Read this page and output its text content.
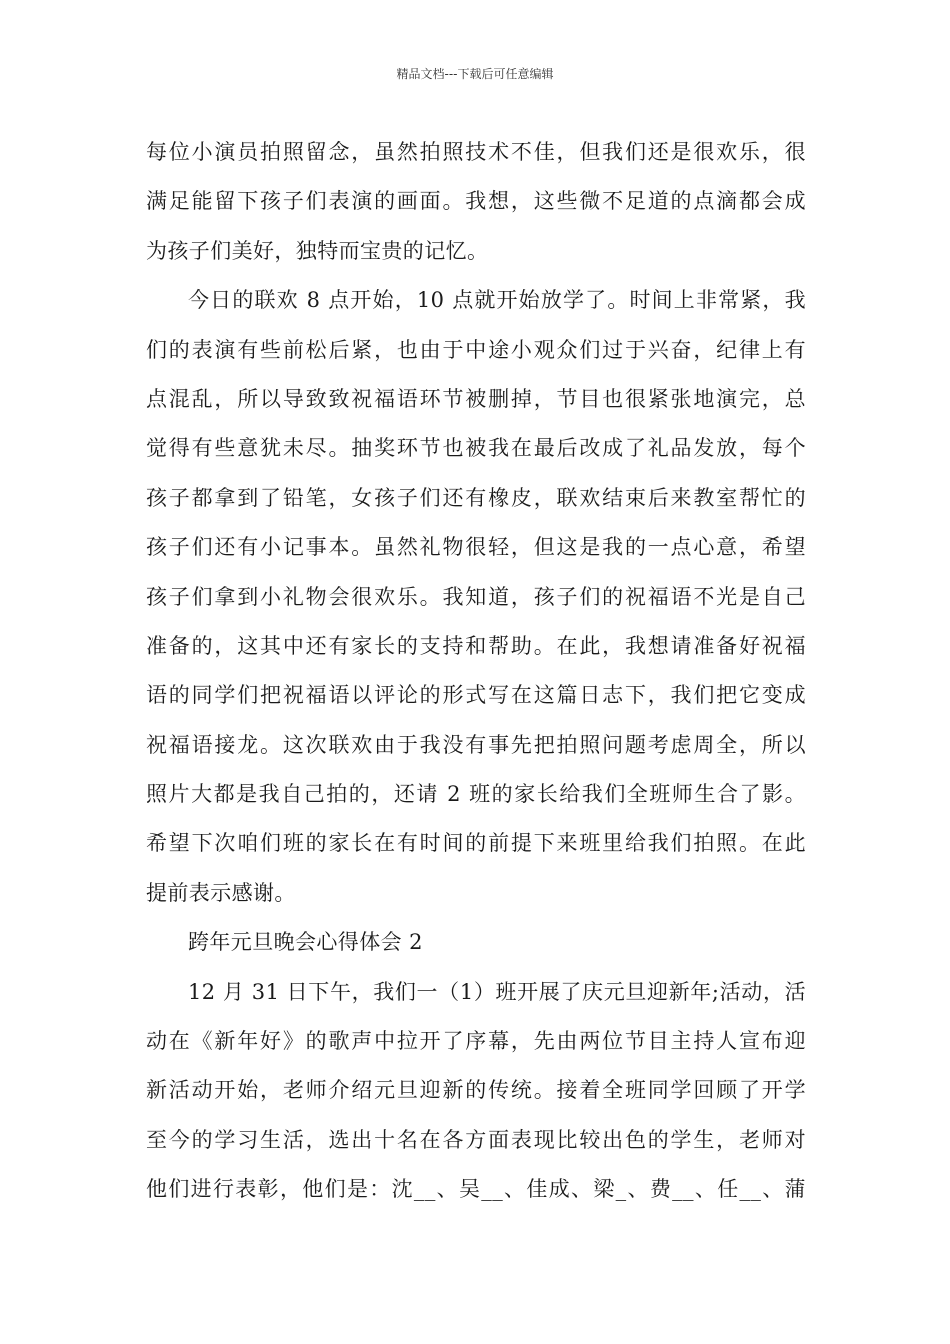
精品文档---下载后可任意编辑
每位小演员拍照留念，虽然拍照技术不佳，但我们还是很欢乐，很
满足能留下孩子们表演的画面。我想，这些微不足道的点滴都会成
为孩子们美好，独特而宝贵的记忆。
今日的联欢 8 点开始，10 点就开始放学了。时间上非常紧，我
们的表演有些前松后紧，也由于中途小观众们过于兴奋，纪律上有
点混乱，所以导致致祝福语环节被删掉，节目也很紧张地演完，总
觉得有些意犹未尽。抽奖环节也被我在最后改成了礼品发放，每个
孩子都拿到了铅笔，女孩子们还有橡皮，联欢结束后来教室帮忙的
孩子们还有小记事本。虽然礼物很轻，但这是我的一点心意，希望
孩子们拿到小礼物会很欢乐。我知道，孩子们的祝福语不光是自己
准备的，这其中还有家长的支持和帮助。在此，我想请准备好祝福
语的同学们把祝福语以评论的形式写在这篇日志下，我们把它变成
祝福语接龙。这次联欢由于我没有事先把拍照问题考虑周全，所以
照片大都是我自己拍的，还请 2 班的家长给我们全班师生合了影。
希望下次咱们班的家长在有时间的前提下来班里给我们拍照。在此
提前表示感谢。
跨年元旦晚会心得体会 2
12 月 31 日下午，我们一（1）班开展了庆元旦迎新年;活动，活
动在《新年好》的歌声中拉开了序幕，先由两位节目主持人宣布迎
新活动开始，老师介绍元旦迎新的传统。接着全班同学回顾了开学
至今的学习生活，选出十名在各方面表现比较出色的学生，老师对
他们进行表彰，他们是：沈__、吴__、佳成、梁_、费__、任__、蒲
